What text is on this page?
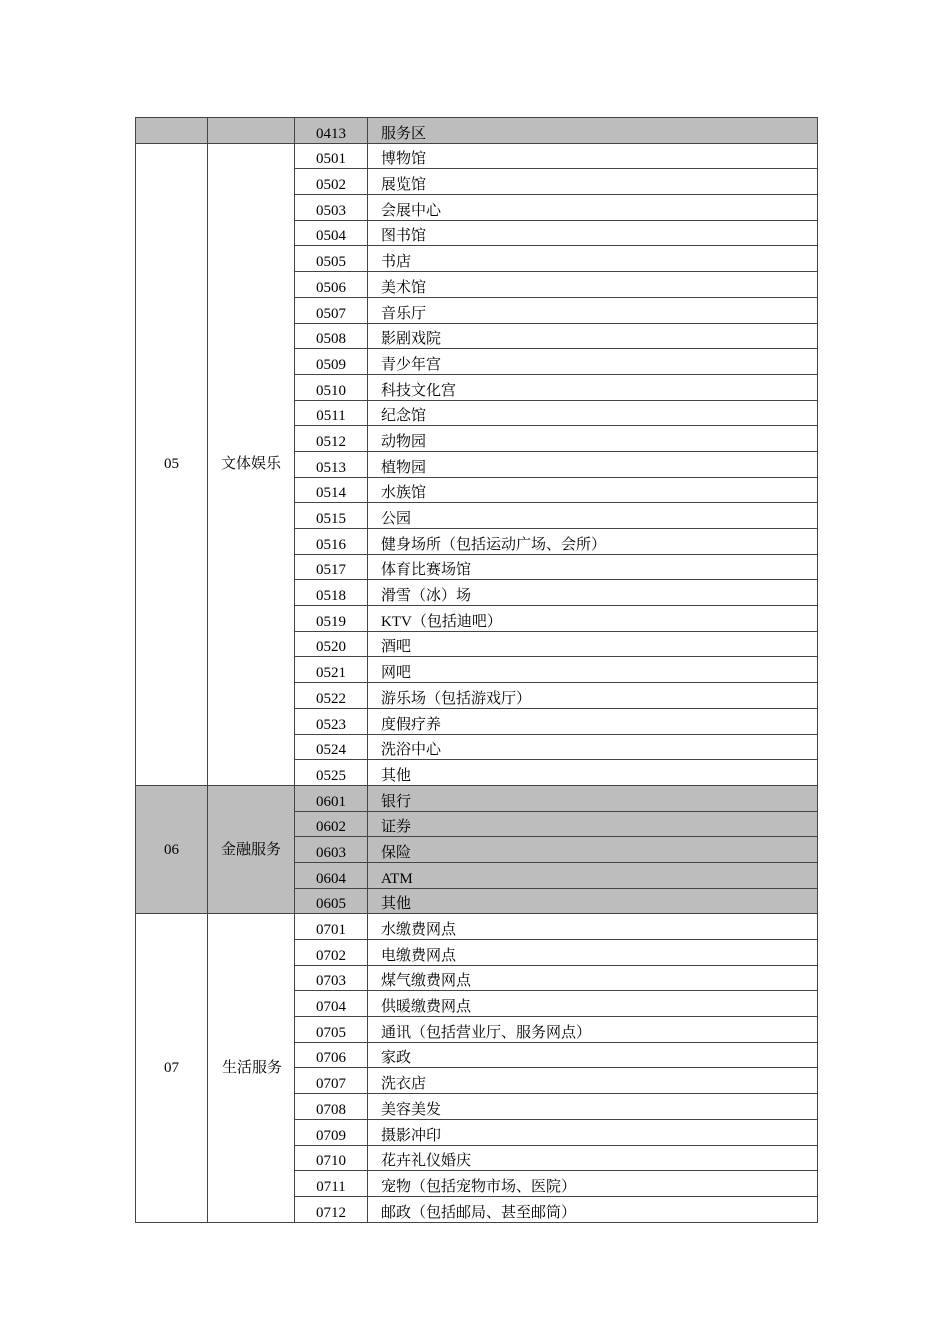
		0413	服务区
05	文体娱乐	0501	博物馆
		0502	展览馆
		0503	会展中心
		0504	图书馆
		0505	书店
		0506	美术馆
		0507	音乐厅
		0508	影剧戏院
		0509	青少年宫
		0510	科技文化宫
		0511	纪念馆
		0512	动物园
		0513	植物园
		0514	水族馆
		0515	公园
		0516	健身场所（包括运动广场、会所）
		0517	体育比赛场馆
		0518	滑雪（冰）场
		0519	KTV（包括迪吧）
		0520	酒吧
		0521	网吧
		0522	游乐场（包括游戏厅）
		0523	度假疗养
		0524	洗浴中心
		0525	其他
06	金融服务	0601	银行
		0602	证券
		0603	保险
		0604	ATM
		0605	其他
07	生活服务	0701	水缴费网点
		0702	电缴费网点
		0703	煤气缴费网点
		0704	供暖缴费网点
		0705	通讯（包括营业厅、服务网点）
		0706	家政
		0707	洗衣店
		0708	美容美发
		0709	摄影冲印
		0710	花卉礼仪婚庆
		0711	宠物（包括宠物市场、医院）
		0712	邮政（包括邮局、甚至邮筒）
